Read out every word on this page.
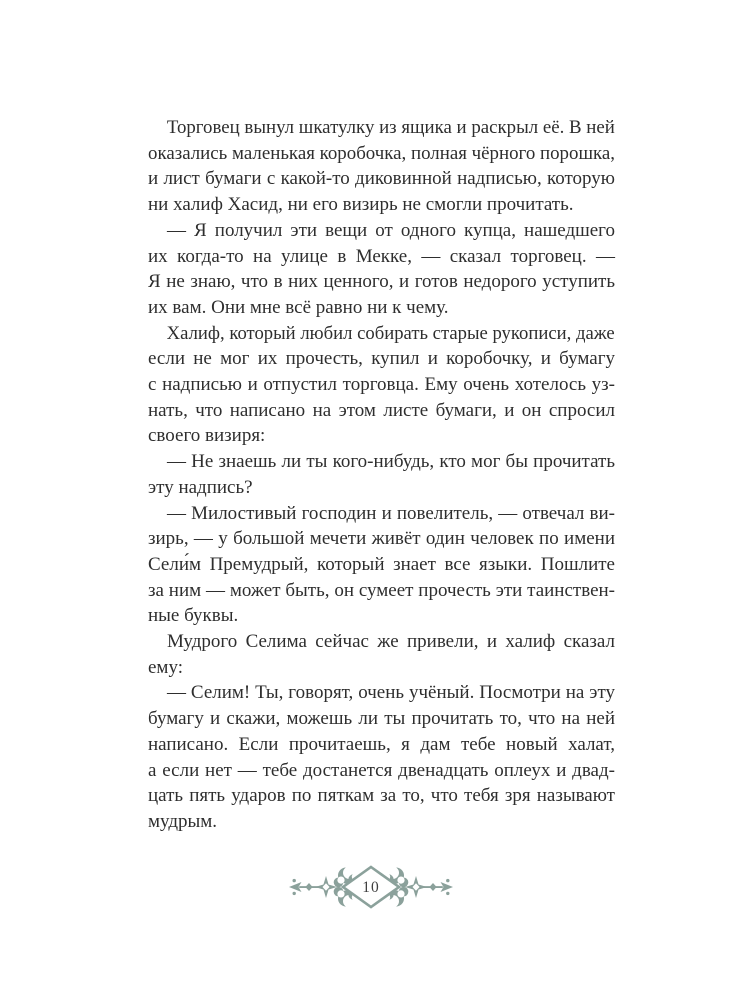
Торговец вынул шкатулку из ящика и раскрыл её. В ней
оказались маленькая коробочка, полная чёрного порошка,
и лист бумаги с какой-то диковинной надписью, которую
ни халиф Хасид, ни его визирь не смогли прочитать.

— Я получил эти вещи от одного купца, нашедшего
их когда-то на улице в Мекке, — сказал торговец. —
Я не знаю, что в них ценного, и готов недорого уступить
их вам. Они мне всё равно ни к чему.

Халиф, который любил собирать старые рукописи, даже
если не мог их прочесть, купил и коробочку, и бумагу
с надписью и отпустил торговца. Ему очень хотелось уз-
нать, что написано на этом листе бумаги, и он спросил
своего визиря:

— Не знаешь ли ты кого-нибудь, кто мог бы прочитать
эту надпись?

— Милостивый господин и повелитель, — отвечал ви-
зирь, — у большой мечети живёт один человек по имени
Сели́м Премудрый, который знает все языки. Пошлите
за ним — может быть, он сумеет прочесть эти таинствен-
ные буквы.

Мудрого Селима сейчас же привели, и халиф сказал
ему:

— Селим! Ты, говорят, очень учёный. Посмотри на эту
бумагу и скажи, можешь ли ты прочитать то, что на ней
написано. Если прочитаешь, я дам тебе новый халат,
а если нет — тебе достанется двенадцать оплеух и двад-
цать пять ударов по пяткам за то, что тебя зря называют
мудрым.

10
